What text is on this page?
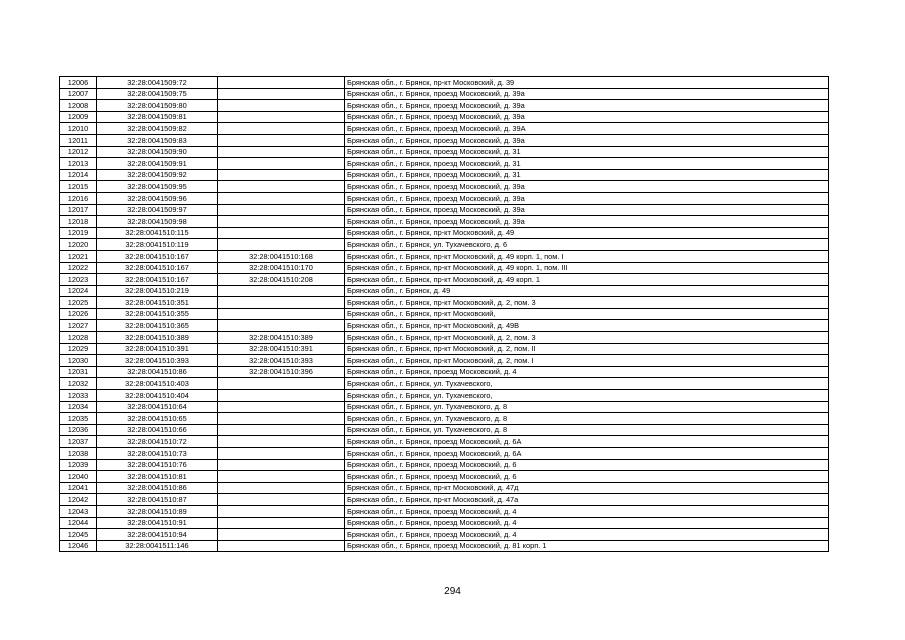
12006	32:28:0041509:72		Брянская обл., г. Брянск, пр-кт Московский, д. 39
12007	32:28:0041509:75		Брянская обл., г. Брянск, проезд Московский, д. 39а
12008	32:28:0041509:80		Брянская обл., г. Брянск, проезд Московский, д. 39а
12009	32:28:0041509:81		Брянская обл., г. Брянск, проезд Московский, д. 39а
12010	32:28:0041509:82		Брянская обл., г. Брянск, проезд Московский, д. 39А
12011	32:28:0041509:83		Брянская обл., г. Брянск, проезд Московский, д. 39а
12012	32:28:0041509:90		Брянская обл., г. Брянск, проезд Московский, д. 31
12013	32:28:0041509:91		Брянская обл., г. Брянск, проезд Московский, д. 31
12014	32:28:0041509:92		Брянская обл., г. Брянск, проезд Московский, д. 31
12015	32:28:0041509:95		Брянская обл., г. Брянск, проезд Московский, д. 39а
12016	32:28:0041509:96		Брянская обл., г. Брянск, проезд Московский, д. 39а
12017	32:28:0041509:97		Брянская обл., г. Брянск, проезд Московский, д. 39а
12018	32:28:0041509:98		Брянская обл., г. Брянск, проезд Московский, д. 39а
12019	32:28:0041510:115		Брянская обл., г. Брянск, пр-кт Московский, д. 49
12020	32:28:0041510:119		Брянская обл., г. Брянск, ул. Тухачевского, д. 6
12021	32:28:0041510:167	32:28:0041510:168	Брянская обл., г. Брянск, пр-кт Московский, д. 49 корп. 1, пом. I
12022	32:28:0041510:167	32:28:0041510:170	Брянская обл., г. Брянск, пр-кт Московский, д. 49 корп. 1, пом. III
12023	32:28:0041510:167	32:28:0041510:208	Брянская обл., г. Брянск, пр-кт Московский, д. 49 корп. 1
12024	32:28:0041510:219		Брянская обл., г. Брянск, д. 49
12025	32:28:0041510:351		Брянская обл., г. Брянск, пр-кт Московский, д. 2, пом. 3
12026	32:28:0041510:355		Брянская обл., г. Брянск, пр-кт Московский,
12027	32:28:0041510:365		Брянская обл., г. Брянск, пр-кт Московский, д. 49В
12028	32:28:0041510:389	32:28:0041510:389	Брянская обл., г. Брянск, пр-кт Московский, д. 2, пом. 3
12029	32:28:0041510:391	32:28:0041510:391	Брянская обл., г. Брянск, пр-кт Московский, д. 2, пом. II
12030	32:28:0041510:393	32:28:0041510:393	Брянская обл., г. Брянск, пр-кт Московский, д. 2, пом. I
12031	32:28:0041510:86	32:28:0041510:396	Брянская обл., г. Брянск, проезд Московский, д. 4
12032	32:28:0041510:403		Брянская обл., г. Брянск, ул. Тухачевского,
12033	32:28:0041510:404		Брянская обл., г. Брянск, ул. Тухачевского,
12034	32:28:0041510:64		Брянская обл., г. Брянск, ул. Тухачевского, д. 8
12035	32:28:0041510:65		Брянская обл., г. Брянск, ул. Тухачевского, д. 8
12036	32:28:0041510:66		Брянская обл., г. Брянск, ул. Тухачевского, д. 8
12037	32:28:0041510:72		Брянская обл., г. Брянск, проезд Московский, д. 6А
12038	32:28:0041510:73		Брянская обл., г. Брянск, проезд Московский, д. 6А
12039	32:28:0041510:76		Брянская обл., г. Брянск, проезд Московский, д. 6
12040	32:28:0041510:81		Брянская обл., г. Брянск, проезд Московский, д. 6
12041	32:28:0041510:86		Брянская обл., г. Брянск, пр-кт Московский, д. 47д
12042	32:28:0041510:87		Брянская обл., г. Брянск, пр-кт Московский, д. 47а
12043	32:28:0041510:89		Брянская обл., г. Брянск, проезд Московский, д. 4
12044	32:28:0041510:91		Брянская обл., г. Брянск, проезд Московский, д. 4
12045	32:28:0041510:94		Брянская обл., г. Брянск, проезд Московский, д. 4
12046	32:28:0041511:146		Брянская обл., г. Брянск, проезд Московский, д. 81 корп. 1
294
